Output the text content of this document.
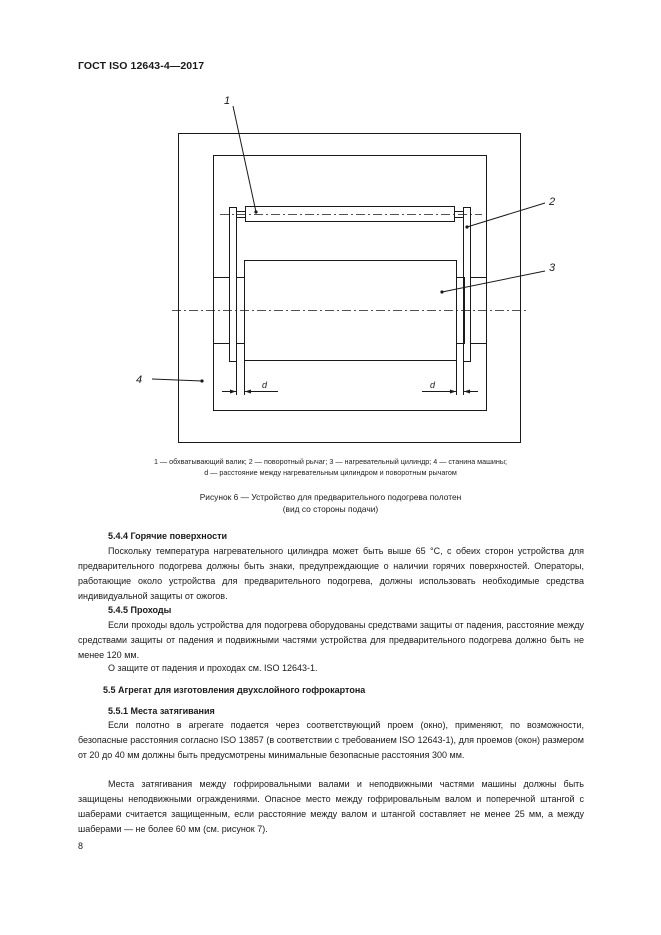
ГОСТ ISO 12643-4—2017
1
2
3
4	d	d
1 — обхватывающий валик; 2 — поворотный рычаг; 3 — нагревательный цилиндр; 4 — станина машины;
d — расстояние между нагревательным цилиндром и поворотным рычагом
Рисунок 6 — Устройство для предварительного подогрева полотен
(вид со стороны подачи)
5.4.4 Горячие поверхности
Поскольку температура нагревательного цилиндра может быть выше 65 °С, с обеих сторон устройства для предварительного подогрева должны быть знаки, предупреждающие о наличии горячих поверхностей. Операторы, работающие около устройства для предварительного подогрева, должны использовать необходимые средства индивидуальной защиты от ожогов.
5.4.5 Проходы
Если проходы вдоль устройства для подогрева оборудованы средствами защиты от падения, расстояние между средствами защиты от падения и подвижными частями устройства для предварительного подогрева должно быть не менее 120 мм.
О защите от падения и проходах см. ISO 12643-1.
5.5 Агрегат для изготовления двухслойного гофрокартона
5.5.1 Места затягивания
Если полотно в агрегате подается через соответствующий проем (окно), применяют, по возможности, безопасные расстояния согласно ISO 13857 (в соответствии с требованием ISO 12643-1), для проемов (окон) размером от 20 до 40 мм должны быть предусмотрены минимальные безопасные расстояния 300 мм.
Места затягивания между гофрировальными валами и неподвижными частями машины должны быть защищены неподвижными ограждениями. Опасное место между гофрировальным валом и поперечной штангой с шаберами считается защищенным, если расстояние между валом и штангой составляет не менее 25 мм, а между шаберами — не более 60 мм (см. рисунок 7).
8
